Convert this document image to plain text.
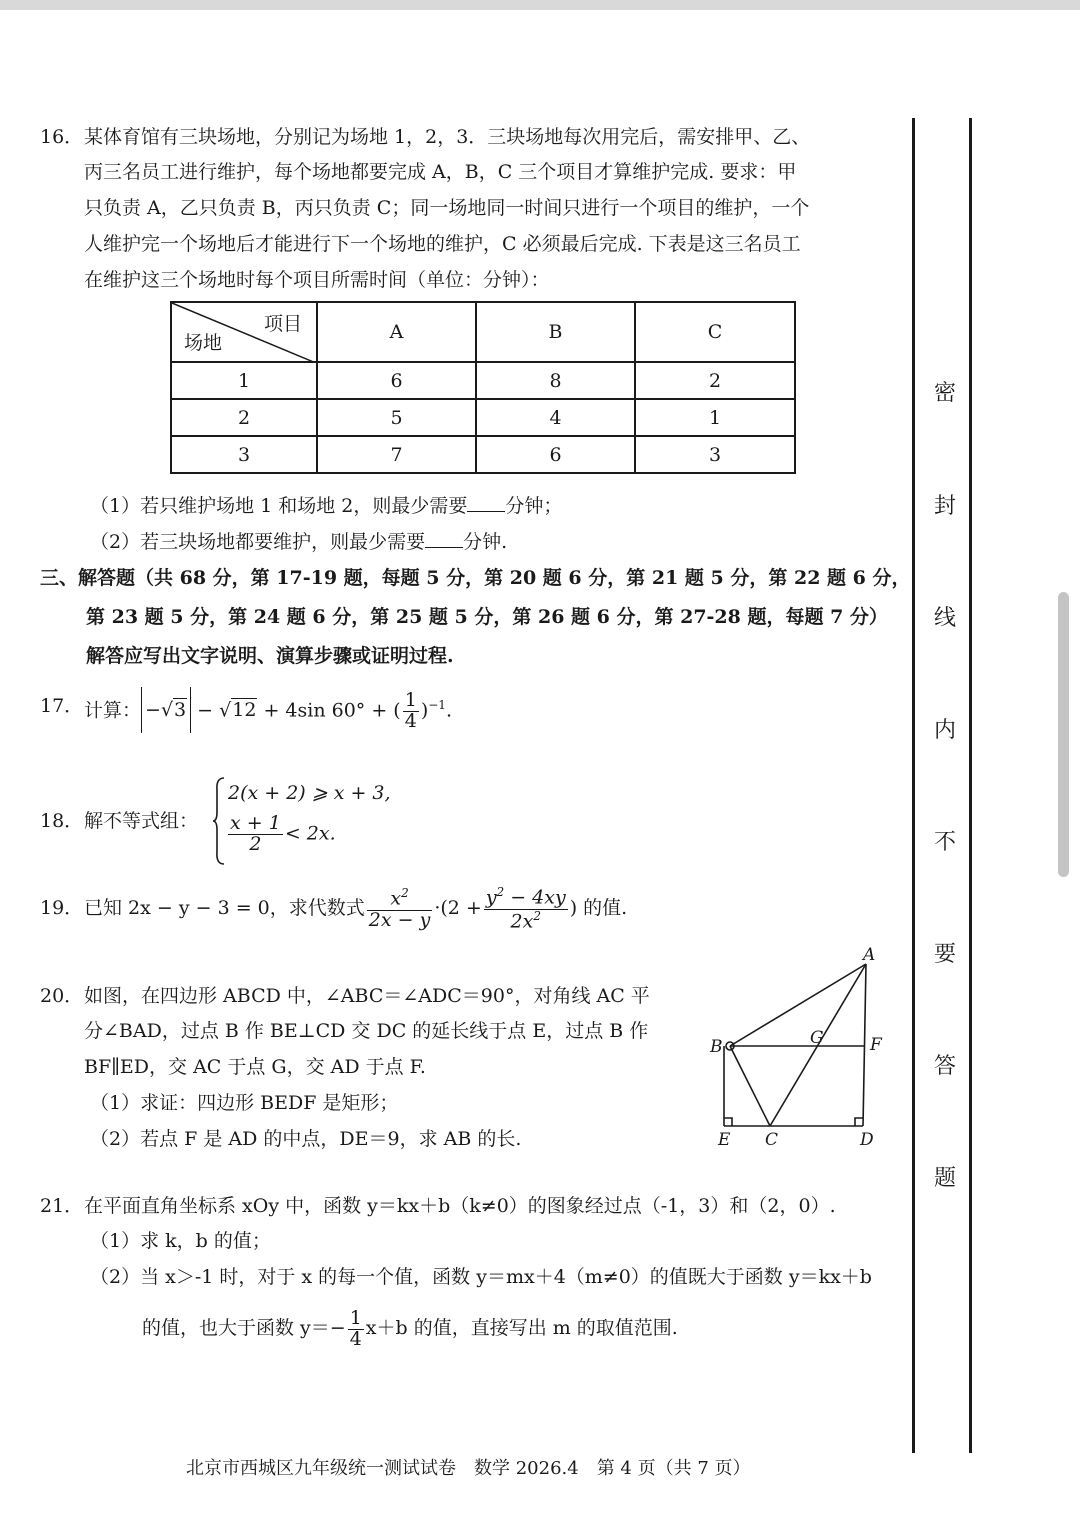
密
封
线
内
不
要
答
题
16． 某体育馆有三块场地，分别记为场地 1，2，3．三块场地每次用完后，需安排甲、乙、
丙三名员工进行维护，每个场地都要完成 A，B，C 三个项目才算维护完成. 要求：甲
只负责 A，乙只负责 B，丙只负责 C；同一场地同一时间只进行一个项目的维护，一个
人维护完一个场地后才能进行下一个场地的维护，C 必须最后完成. 下表是这三名员工
在维护这三个场地时每个项目所需时间（单位：分钟）：
项目
场地	A	B	C
1	6	8	2
2	5	4	1
3	7	6	3
（1）若只维护场地 1 和场地 2，则最少需要 分钟；
（2）若三块场地都要维护，则最少需要 分钟.
三、解答题（共 68 分，第 17-19 题，每题 5 分，第 20 题 6 分，第 21 题 5 分，第 22 题 6 分，
第 23 题 5 分，第 24 题 6 分，第 25 题 5 分，第 26 题 6 分，第 27-28 题，每题 7 分）
解答应写出文字说明、演算步骤或证明过程.
17． 计算： −√3 − √12 + 4sin 60° + ( $\frac{1}{4} )^{-1}$.
18． 解不等式组：
2(x + 2) ⩾ x + 3,
$\frac{x + 1}{2} < 2x$.
19． 已知 2x − y − 3 = 0，求代数式 $\frac{x^2}{2x - y} \cdot(2 + \frac{y^2 - 4xy}{2x^2}$ ) 的值.
20． 如图，在四边形 ABCD 中，∠ABC＝∠ADC＝90°，对角线 AC 平
分∠BAD，过点 B 作 BE⊥CD 交 DC 的延长线于点 E，过点 B 作
BF∥ED，交 AC 于点 G，交 AD 于点 F.
（1）求证：四边形 BEDF 是矩形；
（2）若点 F 是 AD 的中点，DE＝9，求 AB 的长.
A
B	G	F
E C	D
21． 在平面直角坐标系 xOy 中，函数 y＝kx＋b（k≠0）的图象经过点（-1，3）和（2，0）.
（1）求 k，b 的值；
（2）当 x＞-1 时，对于 x 的每一个值，函数 y＝mx＋4（m≠0）的值既大于函数 y＝kx＋b
的值，也大于函数 $y=- \frac{1}{4} x+b$ 的值，直接写出 m 的取值范围.
北京市西城区九年级统一测试试卷　数学 2026.4　第 4 页（共 7 页）
